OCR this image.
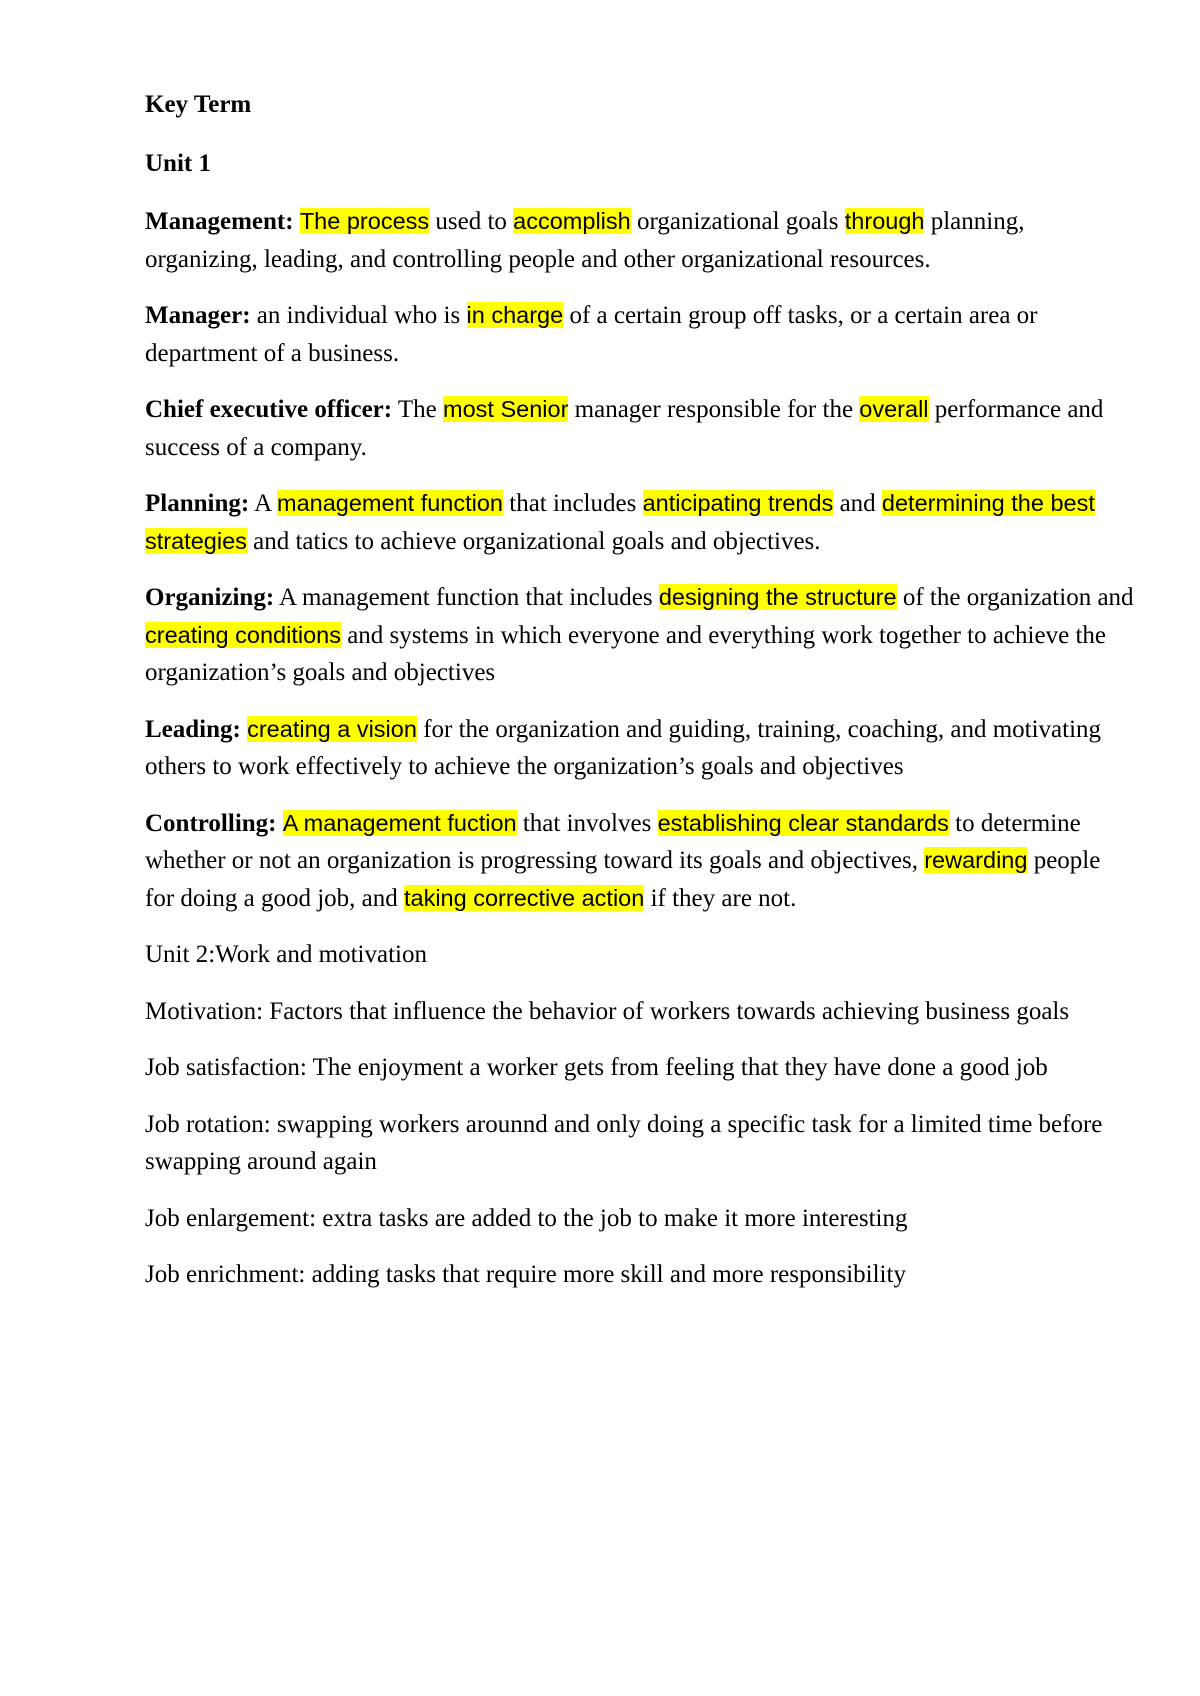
Key Term

Unit 1

Management: The process used to accomplish organizational goals through planning, organizing, leading, and controlling people and other organizational resources.

Manager: an individual who is in charge of a certain group off tasks, or a certain area or department of a business.

Chief executive officer: The most Senior manager responsible for the overall performance and success of a company.

Planning: A management function that includes anticipating trends and determining the best strategies and tatics to achieve organizational goals and objectives.

Organizing: A management function that includes designing the structure of the organization and creating conditions and systems in which everyone and everything work together to achieve the organization’s goals and objectives

Leading: creating a vision for the organization and guiding, training, coaching, and motivating others to work effectively to achieve the organization’s goals and objectives

Controlling: A management fuction that involves establishing clear standards to determine whether or not an organization is progressing toward its goals and objectives, rewarding people for doing a good job, and taking corrective action if they are not.

Unit 2:Work and motivation

Motivation: Factors that influence the behavior of workers towards achieving business goals

Job satisfaction: The enjoyment a worker gets from feeling that they have done a good job

Job rotation: swapping workers arounnd and only doing a specific task for a limited time before swapping around again

Job enlargement: extra tasks are added to the job to make it more interesting

Job enrichment: adding tasks that require more skill and more responsibility
